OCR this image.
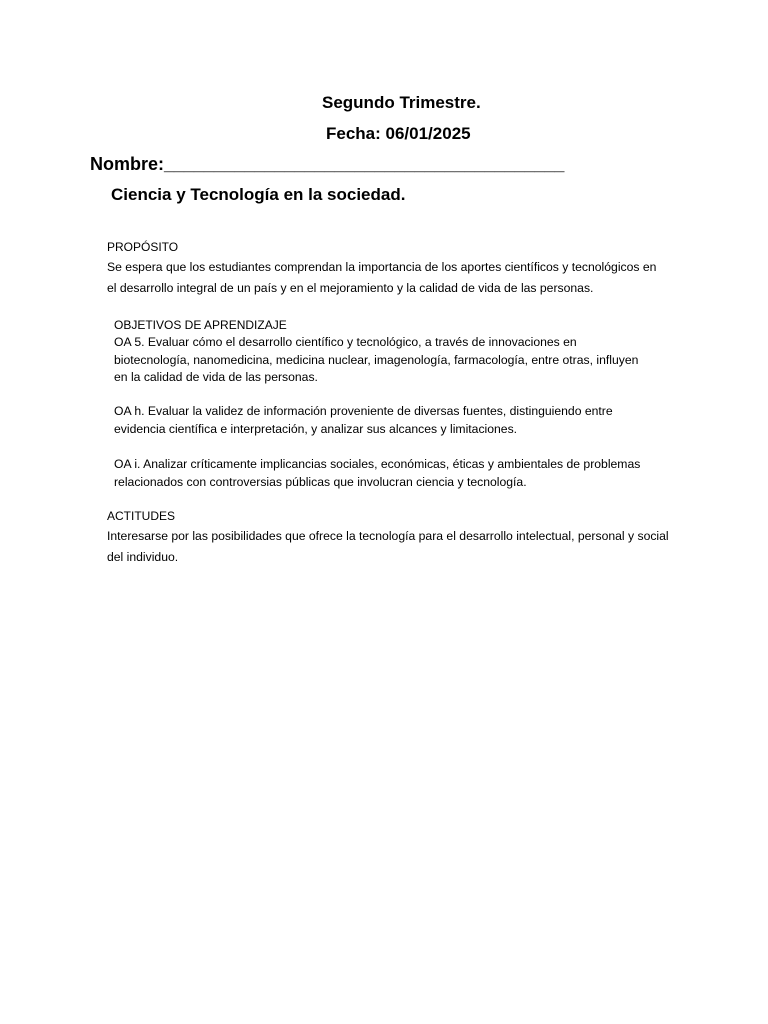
Segundo Trimestre.
Fecha: 06/01/2025
Nombre:________________________________________
Ciencia y Tecnología en la sociedad.
PROPÓSITO

Se espera que los estudiantes comprendan la importancia de los aportes científicos y tecnológicos en

el desarrollo integral de un país y en el mejoramiento y la calidad de vida de las personas.

OBJETIVOS DE APRENDIZAJE

OA 5. Evaluar cómo el desarrollo científico y tecnológico, a través de innovaciones en

biotecnología, nanomedicina, medicina nuclear, imagenología, farmacología, entre otras, influyen

en la calidad de vida de las personas.

OA h. Evaluar la validez de información proveniente de diversas fuentes, distinguiendo entre

evidencia científica e interpretación, y analizar sus alcances y limitaciones.

OA i. Analizar críticamente implicancias sociales, económicas, éticas y ambientales de problemas

relacionados con controversias públicas que involucran ciencia y tecnología.

ACTITUDES

Interesarse por las posibilidades que ofrece la tecnología para el desarrollo intelectual, personal y social

del individuo.
